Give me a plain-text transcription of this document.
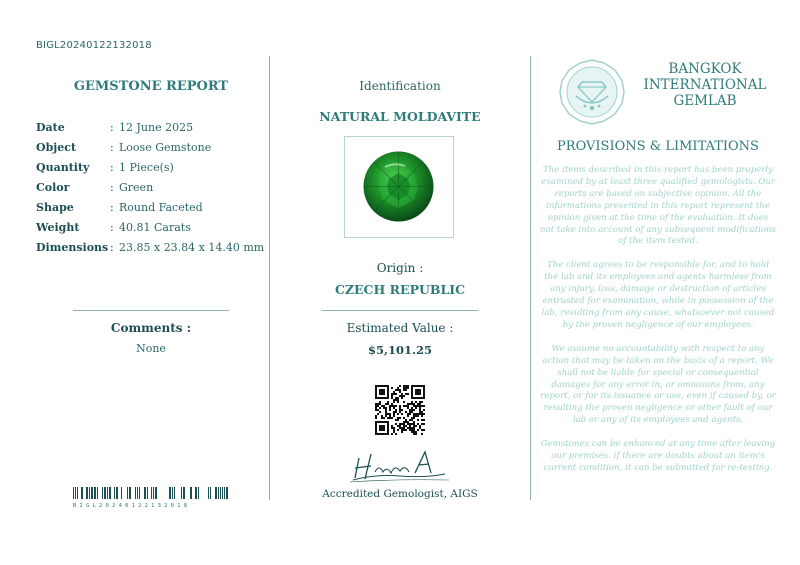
BIGL20240122132018
GEMSTONE REPORT
Date	: 12 June 2025
Object	: Loose Gemstone
Quantity : 1 Piece(s)
Color	: Green
Shape	: Round Faceted
Weight	: 40.81 Carats
Dimensions : 23.85 x 23.84 x 14.40 mm
Comments :
None
BIGL20240122132018
Identification
NATURAL MOLDAVITE
Origin :
CZECH REPUBLIC
Estimated Value :
$5,101.25
Accredited Gemologist, AIGS
BANGKOK
INTERNATIONAL
GEMLAB
PROVISIONS & LIMITATIONS

The items described in this report has been properly examined by at least three qualified gemologists. Our reports are based on subjective opinion. All the informations presented in this report represent the opinion given at the time of the evaluation. It does not take into account of any subsequent modifications of the item tested.

The client agrees to be responsible for, and to hold the lab and its employees and agents harmless from any injury, loss, damage or destruction of articles entrusted for examination, while in possession of the lab, resulting from any cause, whatsoever not caused by the proven negligence of our employees.

We assume no accountability with respect to any action that may be taken on the basis of a report. We shall not be liable for special or consequential damages for any error in, or omissions from, any report, or for its issuance or use, even if caused by, or resulting the proven negligence or other fault of our lab or any of its employees and agents.

Gemstones can be enhanced at any time after leaving our premises. if there are doubts about an item's current condition, it can be submitted for re-testing.
